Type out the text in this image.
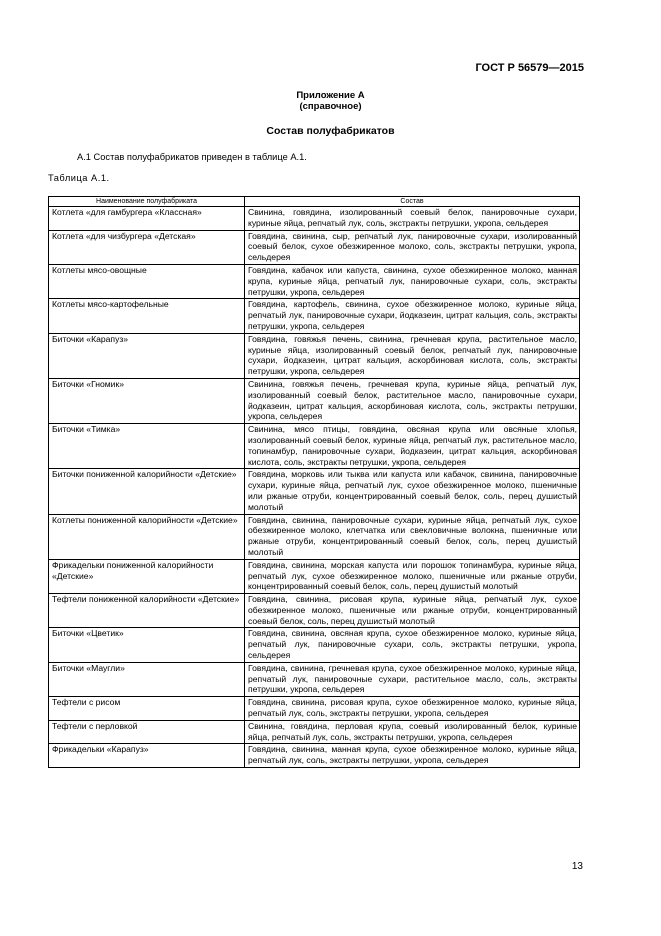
ГОСТ Р 56579—2015
Приложение А
(справочное)
Состав полуфабрикатов
А.1 Состав полуфабрикатов приведен в таблице А.1.
Таблица А.1.
Наименование полуфабриката	Состав
Котлета «для гамбургера «Классная»	Свинина, говядина, изолированный соевый белок, панировочные сухари, куриные яйца, репчатый лук, соль, экстракты петрушки, укропа, сельдерея
Котлета «для чизбургера «Детская»	Говядина, свинина, сыр, репчатый лук, панировочные сухари, изолированный соевый белок, сухое обезжиренное молоко, соль, экстракты петрушки, укропа, сельдерея
Котлеты мясо-овощные	Говядина, кабачок или капуста, свинина, сухое обезжиренное молоко, манная крупа, куриные яйца, репчатый лук, панировочные сухари, соль, экстракты петрушки, укропа, сельдерея
Котлеты мясо-картофельные	Говядина, картофель, свинина, сухое обезжиренное молоко, куриные яйца, репчатый лук, панировочные сухари, йодказеин, цитрат кальция, соль, экстракты петрушки, укропа, сельдерея
Биточки «Карапуз»	Говядина, говяжья печень, свинина, гречневая крупа, растительное масло, куриные яйца, изолированный соевый белок, репчатый лук, панировочные сухари, йодказеин, цитрат кальция, аскорбиновая кислота, соль, экстракты петрушки, укропа, сельдерея
Биточки «Гномик»	Свинина, говяжья печень, гречневая крупа, куриные яйца, репчатый лук, изолированный соевый белок, растительное масло, панировочные сухари, йодказеин, цитрат кальция, аскорбиновая кислота, соль, экстракты петрушки, укропа, сельдерея
Биточки «Тимка»	Свинина, мясо птицы, говядина, овсяная крупа или овсяные хлопья, изолированный соевый белок, куриные яйца, репчатый лук, растительное масло, топинамбур, панировочные сухари, йодказеин, цитрат кальция, аскорбиновая кислота, соль, экстракты петрушки, укропа, сельдерея
Биточки пониженной калорийности «Детские»	Говядина, морковь или тыква или капуста или кабачок, свинина, панировочные сухари, куриные яйца, репчатый лук, сухое обезжиренное молоко, пшеничные или ржаные отруби, концентрированный соевый белок, соль, перец душистый молотый
Котлеты пониженной калорийности «Детские»	Говядина, свинина, панировочные сухари, куриные яйца, репчатый лук, сухое обезжиренное молоко, клетчатка или свекловичные волокна, пшеничные или ржаные отруби, концентрированный соевый белок, соль, перец душистый молотый
Фрикадельки пониженной калорийности «Детские»	Говядина, свинина, морская капуста или порошок топинамбура, куриные яйца, репчатый лук, сухое обезжиренное молоко, пшеничные или ржаные отруби, концентрированный соевый белок, соль, перец душистый молотый
Тефтели пониженной калорийности «Детские»	Говядина, свинина, рисовая крупа, куриные яйца, репчатый лук, сухое обезжиренное молоко, пшеничные или ржаные отруби, концентрированный соевый белок, соль, перец душистый молотый
Биточки «Цветик»	Говядина, свинина, овсяная крупа, сухое обезжиренное молоко, куриные яйца, репчатый лук, панировочные сухари, соль, экстракты петрушки, укропа, сельдерея
Биточки «Маугли»	Говядина, свинина, гречневая крупа, сухое обезжиренное молоко, куриные яйца, репчатый лук, панировочные сухари, растительное масло, соль, экстракты петрушки, укропа, сельдерея
Тефтели с рисом	Говядина, свинина, рисовая крупа, сухое обезжиренное молоко, куриные яйца, репчатый лук, соль, экстракты петрушки, укропа, сельдерея
Тефтели с перловкой	Свинина, говядина, перловая крупа, соевый изолированный белок, куриные яйца, репчатый лук, соль, экстракты петрушки, укропа, сельдерея
Фрикадельки «Карапуз»	Говядина, свинина, манная крупа, сухое обезжиренное молоко, куриные яйца, репчатый лук, соль, экстракты петрушки, укропа, сельдерея
13
